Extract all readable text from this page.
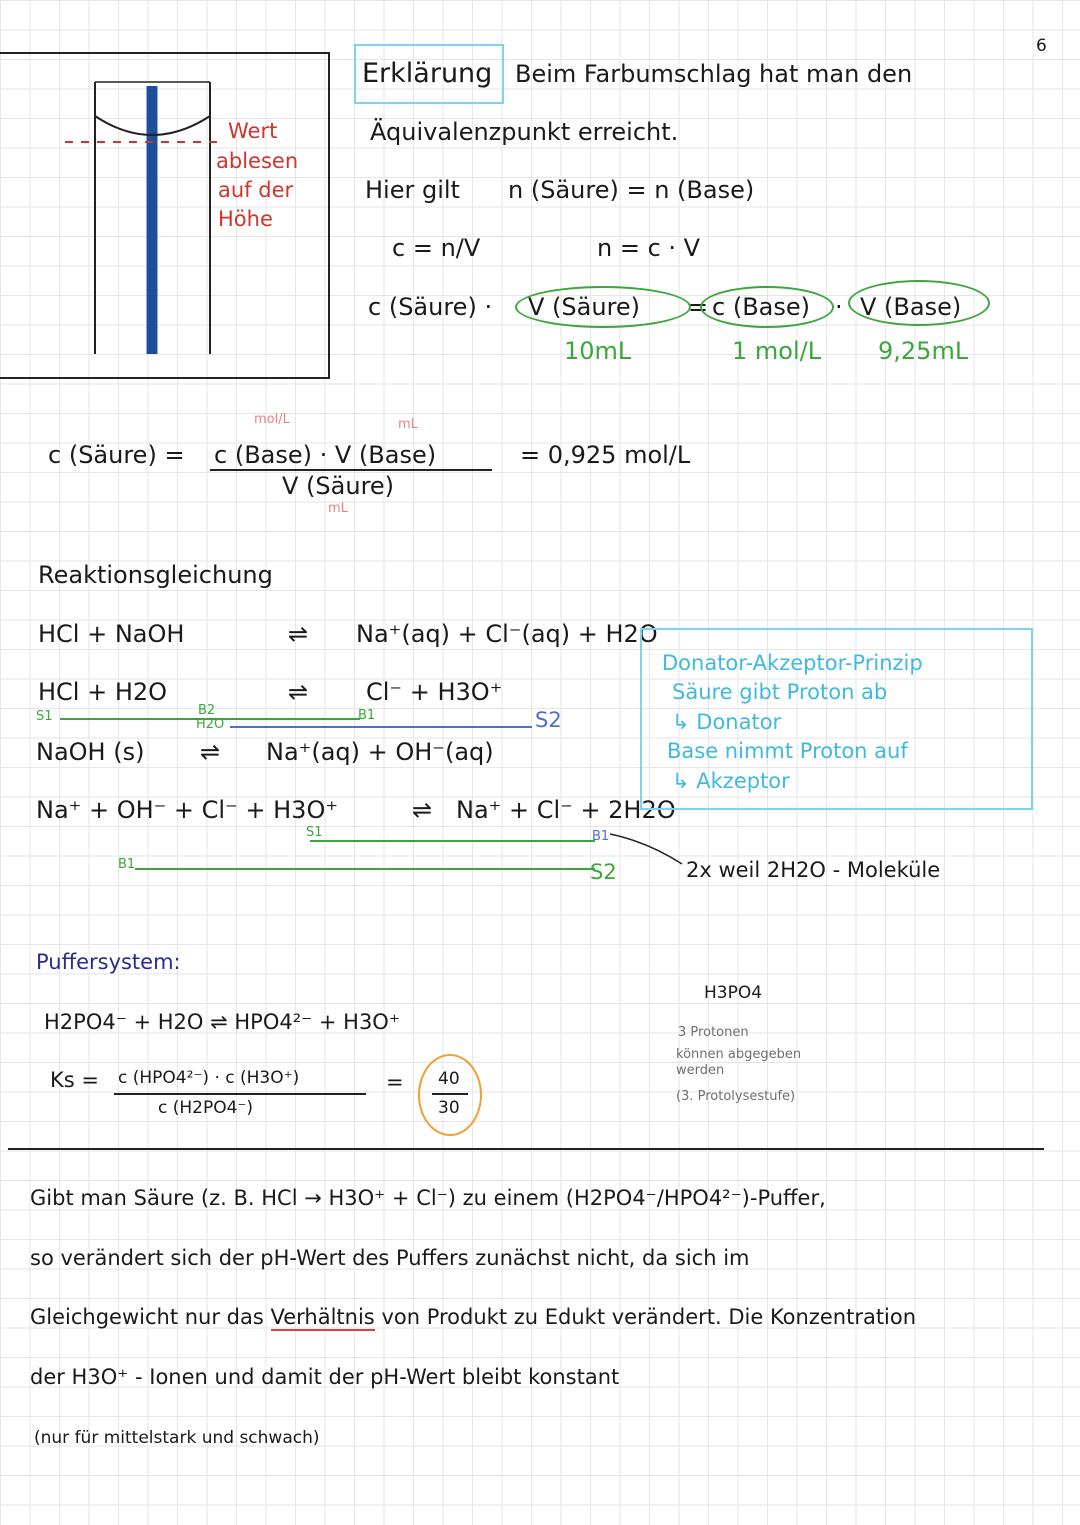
6
Wert
ablesen
auf der
Höhe
Erklärung Beim Farbumschlag hat man den
Äquivalenzpunkt erreicht.
Hier gilt n (Säure) = n (Base)
c = n/V	n = c · V
c (Säure) · V (Säure) = c (Base) · V (Base)
10mL	1 mol/L 9,25mL
mol/L	mL
c (Säure) = c (Base) · V (Base)
V (Säure)
mL
= 0,925 mol/L
Reaktionsgleichung
HCl + NaOH	⇌ Na⁺(aq) + Cl⁻(aq) + H2O
HCl + H2O	⇌ Cl⁻ + H3O⁺
S1	B2
H2O
B1	S2
NaOH (s) ⇌ Na⁺(aq) + OH⁻(aq)
Na⁺ + OH⁻ + Cl⁻ + H3O⁺	⇌ Na⁺ + Cl⁻ + 2H2O
S1
B1
B1
S2	2x weil 2H2O - Moleküle
Donator-Akzeptor-Prinzip
Säure gibt Proton ab
↳ Donator
Base nimmt Proton auf
↳ Akzeptor
Puffersystem:
H2PO4⁻ + H2O ⇌ HPO4²⁻ + H3O⁺
Ks = c (HPO4²⁻) · c (H3O⁺)
c (H2PO4⁻)
= 40
30
H3PO4
3 Protonen
können abgegeben
werden
(3. Protolysestufe)
Gibt man Säure (z. B. HCl → H3O⁺ + Cl⁻) zu einem (H2PO4⁻/HPO4²⁻)-Puffer,
so verändert sich der pH-Wert des Puffers zunächst nicht, da sich im
Gleichgewicht nur das Verhältnis von Produkt zu Edukt verändert. Die Konzentration
der H3O⁺ - Ionen und damit der pH-Wert bleibt konstant
(nur für mittelstark und schwach)
